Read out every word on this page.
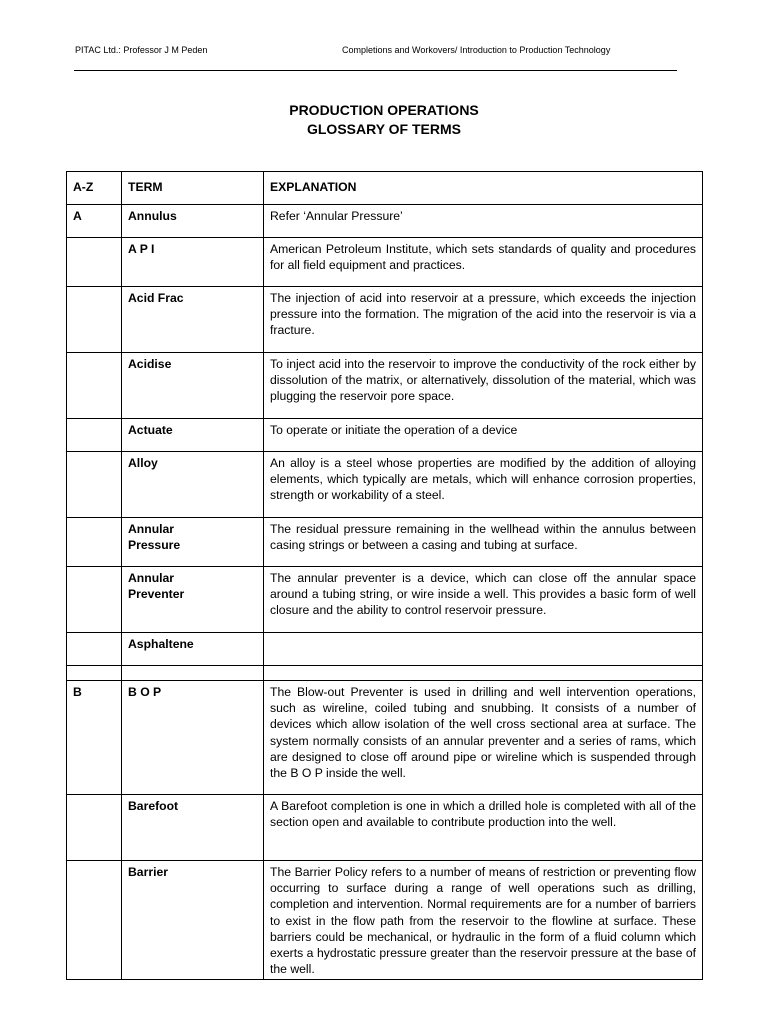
PITAC Ltd.: Professor J M Peden	Completions and Workovers/ Introduction to Production Technology
PRODUCTION OPERATIONS
GLOSSARY OF TERMS
A-Z	TERM	EXPLANATION
A	Annulus	Refer ‘Annular Pressure’

	A P I	American Petroleum Institute, which sets standards of quality and procedures for all field equipment and practices.

	Acid Frac	The injection of acid into reservoir at a pressure, which exceeds the injection pressure into the formation. The migration of the acid into the reservoir is via a fracture.

	Acidise	To inject acid into the reservoir to improve the conductivity of the rock either by dissolution of the matrix, or alternatively, dissolution of the material, which was plugging the reservoir pore space.

	Actuate	To operate or initiate the operation of a device

	Alloy	An alloy is a steel whose properties are modified by the addition of alloying elements, which typically are metals, which will enhance corrosion properties, strength or workability of a steel.

	Annular
Pressure	The residual pressure remaining in the wellhead within the annulus between casing strings or between a casing and tubing at surface.

	Annular
Preventer	The annular preventer is a device, which can close off the annular space around a tubing string, or wire inside a well. This provides a basic form of well closure and the ability to control reservoir pressure.

	Asphaltene	

B	B O P	The Blow-out Preventer is used in drilling and well intervention operations, such as wireline, coiled tubing and snubbing. It consists of a number of devices which allow isolation of the well cross sectional area at surface. The system normally consists of an annular preventer and a series of rams, which are designed to close off around pipe or wireline which is suspended through the B O P inside the well.

	Barefoot	A Barefoot completion is one in which a drilled hole is completed with all of the section open and available to contribute production into the well.

	Barrier	The Barrier Policy refers to a number of means of restriction or preventing flow occurring to surface during a range of well operations such as drilling, completion and intervention. Normal requirements are for a number of barriers to exist in the flow path from the reservoir to the flowline at surface. These barriers could be mechanical, or hydraulic in the form of a fluid column which exerts a hydrostatic pressure greater than the reservoir pressure at the base of the well.
